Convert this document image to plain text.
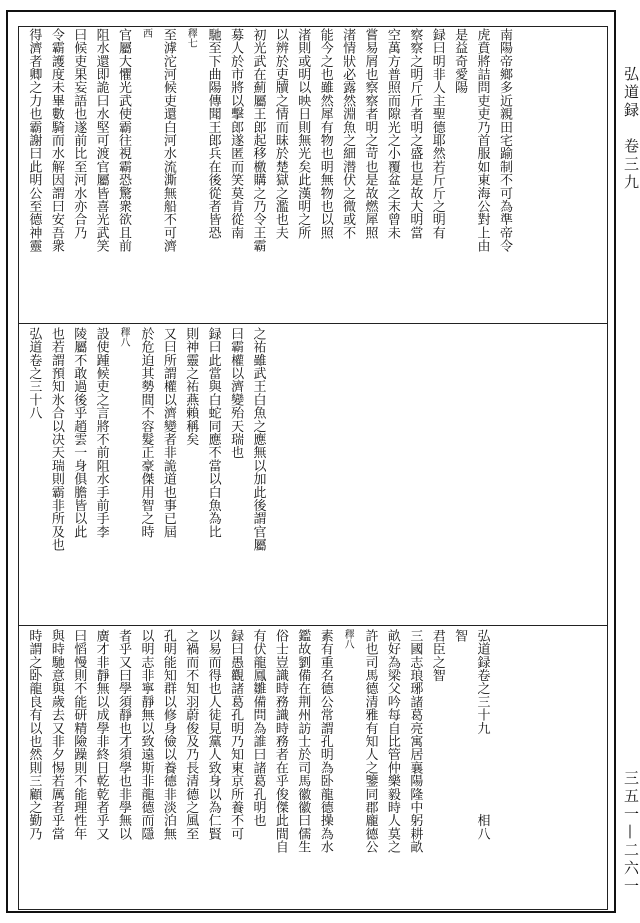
弘道録　卷三九
三五一—二六一
南陽帝鄉多近親田宅踰制不可為準帝令
虎賁將詰問吏吏乃首服如東海公對上由
是益奇愛陽
録曰明非人主聖德耶然若斤斤之明有
察察之明斤斤者明之盛也是故大明當
空萬方普照而隙光之小覆盆之末曾未
嘗易屑也察察者明之苛也是故燃犀照
渚情狀必露然淵魚之細潜伏之微或不
能今之也雖然犀有物也明無物也以照
渚則或明以映日則無光矣此漢明之所
以辨於吏牘之情而昧於楚獄之濫也夫
初光武在薊屬王郎起移檄購之乃令王霸
募人於市將以擊郎遂匿而笑莫肯從南
馳至下曲陽傳聞王郎兵在後從者皆恐
䆁七
至滹沱河候吏還白河水流澌無船不可濟
西
官屬大懼光武使霸往視霸恐驚衆欲且前
阻水還即詭曰水堅可渡官屬皆喜光武笑
曰候吏果妄語也遂前比至河水亦合乃
令霸護度未畢數騎而水解因謂曰安吾衆
得濟者卿之力也霸謝曰此明公至德神靈
之祐雖武王白魚之應無以加此後謂官屬
曰霸權以濟變殆天瑞也
録曰此當與白蛇同應不當以白魚為比
則神靈之祐燕賴稱矣
又曰所謂權以濟變者非詭道也事已屆
於危迫其勢間不容髮正豪傑用智之時
䆁八
設使踵候吏之言將不前阻水手前手李
陵屬不敢過後乎趙雲一身俱膽皆以此
也若謂預知氷合以决天瑞則霸非所及也
弘道卷之三十八
弘道録卷之三十九　　　　　　相八
智
君臣之智
三國志琅琊諸葛亮寓居襄陽隆中躬耕畝
畝好為梁父吟每自比管仲樂毅時人莫之
許也司馬德清雅有知人之鑒同郡龐德公
䆁八
素有重名德公常謂孔明為卧龍德操為水
鑑故劉備在荆州訪士於司馬徽徽曰儒生
俗士豈識時務識時務者在乎俊傑此間自
有伏龍鳳雛備問為誰曰諸葛孔明也
録曰愚觀諸葛孔明乃知東京所養不可
以易而得也人徒見黨人致身以為仁賢
之禍而不知羽蔚俊及乃長清德之風至
孔明能知群以修身儉以養德非淡泊無
以明志非寧靜無以致遠斯非龍德而隱
者乎又曰學須靜也才須學也非學無以
廣才非靜無以成學非終日乾乾者乎又
曰慆慢則不能研精險躁則不能理性年
與時馳意與歲去又非夕惕若厲者乎當
時謂之卧龍良有以也然則三顧之勤乃
